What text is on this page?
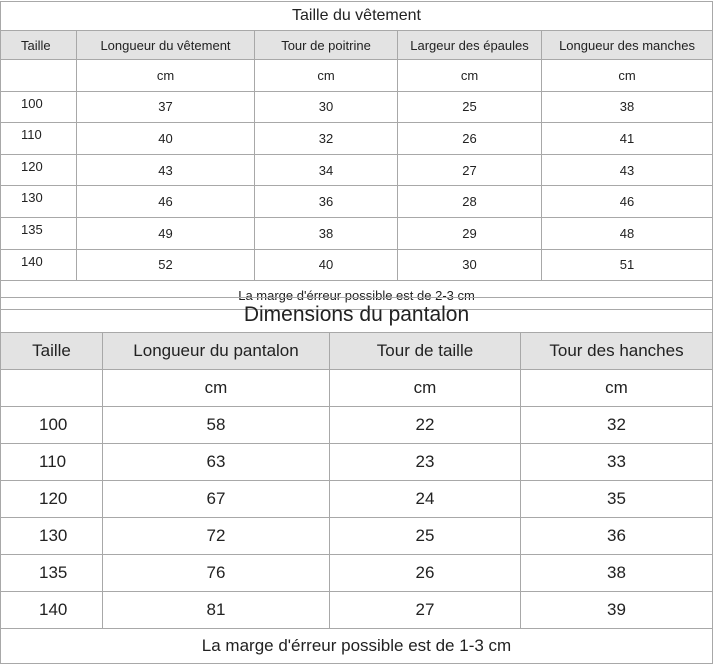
Taille du vêtement				
Taille	Longueur du vêtement	Tour de poitrine	Largeur des épaules	Longueur des manches
	cm	cm	cm	cm
100	37	30	25	38
110	40	32	26	41
120	43	34	27	43
130	46	36	28	46
135	49	38	29	48
140	52	40	30	51
La marge d'érreur possible est de 2-3 cm				
Dimensions du pantalon			
Taille	Longueur du pantalon	Tour de taille	Tour des hanches
	cm	cm	cm
100	58	22	32
110	63	23	33
120	67	24	35
130	72	25	36
135	76	26	38
140	81	27	39
La marge d'érreur possible est de 1-3 cm			
